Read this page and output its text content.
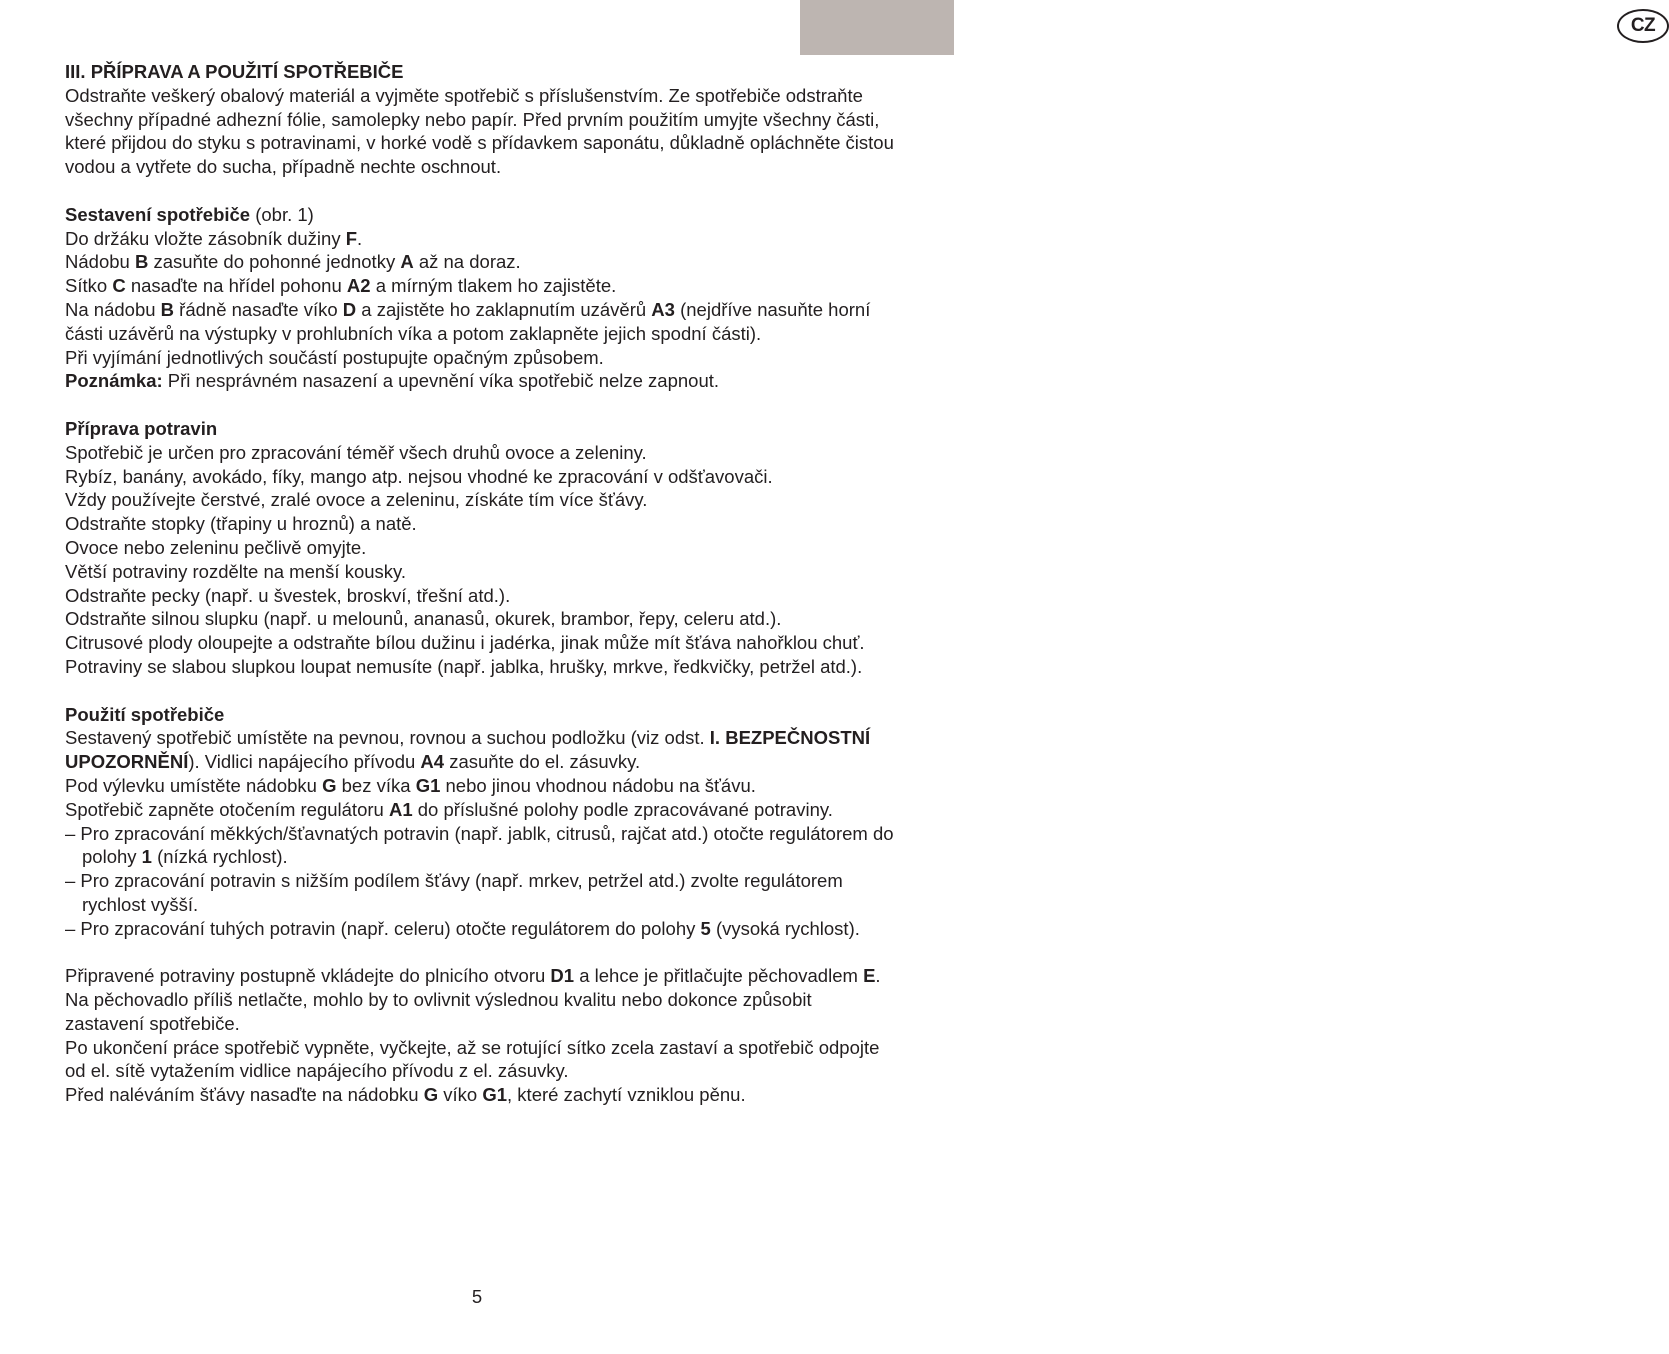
CZ

III. PŘÍPRAVA A POUŽITÍ SPOTŘEBIČE

Odstraňte veškerý obalový materiál a vyjměte spotřebič s příslušenstvím. Ze spotřebiče odstraňte všechny případné adhezní fólie, samolepky nebo papír. Před prvním použitím umyjte všechny části, které přijdou do styku s potravinami, v horké vodě s přídavkem saponátu, důkladně opláchněte čistou vodou a vytřete do sucha, případně nechte oschnout.

Sestavení spotřebiče (obr. 1)

Do držáku vložte zásobník dužiny F.

Nádobu B zasuňte do pohonné jednotky A až na doraz.

Sítko C nasaďte na hřídel pohonu A2 a mírným tlakem ho zajistěte.

Na nádobu B řádně nasaďte víko D a zajistěte ho zaklapnutím uzávěrů A3 (nejdříve nasuňte horní části uzávěrů na výstupky v prohlubních víka a potom zaklapněte jejich spodní části).

Při vyjímání jednotlivých součástí postupujte opačným způsobem.

Poznámka: Při nesprávném nasazení a upevnění víka spotřebič nelze zapnout.

Příprava potravin

Spotřebič je určen pro zpracování téměř všech druhů ovoce a zeleniny.

Rybíz, banány, avokádo, fíky, mango atp. nejsou vhodné ke zpracování v odšťavovači.

Vždy používejte čerstvé, zralé ovoce a zeleninu, získáte tím více šťávy.

Odstraňte stopky (třapiny u hroznů) a natě.

Ovoce nebo zeleninu pečlivě omyjte.

Větší potraviny rozdělte na menší kousky.

Odstraňte pecky (např. u švestek, broskví, třešní atd.).

Odstraňte silnou slupku (např. u melounů, ananasů, okurek, brambor, řepy, celeru atd.).

Citrusové plody oloupejte a odstraňte bílou dužinu i jadérka, jinak může mít šťáva nahořklou chuť.

Potraviny se slabou slupkou loupat nemusíte (např. jablka, hrušky, mrkve, ředkvičky, petržel atd.).

Použití spotřebiče

Sestavený spotřebič umístěte na pevnou, rovnou a suchou podložku (viz odst. I. BEZPEČNOSTNÍ UPOZORNĚNÍ). Vidlici napájecího přívodu A4 zasuňte do el. zásuvky.

Pod výlevku umístěte nádobku G bez víka G1 nebo jinou vhodnou nádobu na šťávu.

Spotřebič zapněte otočením regulátoru A1 do příslušné polohy podle zpracovávané potraviny.

– Pro zpracování měkkých/šťavnatých potravin (např. jablk, citrusů, rajčat atd.) otočte regulátorem do polohy 1 (nízká rychlost).

– Pro zpracování potravin s nižším podílem šťávy (např. mrkev, petržel atd.) zvolte regulátorem rychlost vyšší.

– Pro zpracování tuhých potravin (např. celeru) otočte regulátorem do polohy 5 (vysoká rychlost).

Připravené potraviny postupně vkládejte do plnicího otvoru D1 a lehce je přitlačujte pěchovadlem E. Na pěchovadlo příliš netlačte, mohlo by to ovlivnit výslednou kvalitu nebo dokonce způsobit zastavení spotřebiče.

Po ukončení práce spotřebič vypněte, vyčkejte, až se rotující sítko zcela zastaví a spotřebič odpojte od el. sítě vytažením vidlice napájecího přívodu z el. zásuvky.

Před naléváním šťávy nasaďte na nádobku G víko G1, které zachytí vzniklou pěnu.

5
